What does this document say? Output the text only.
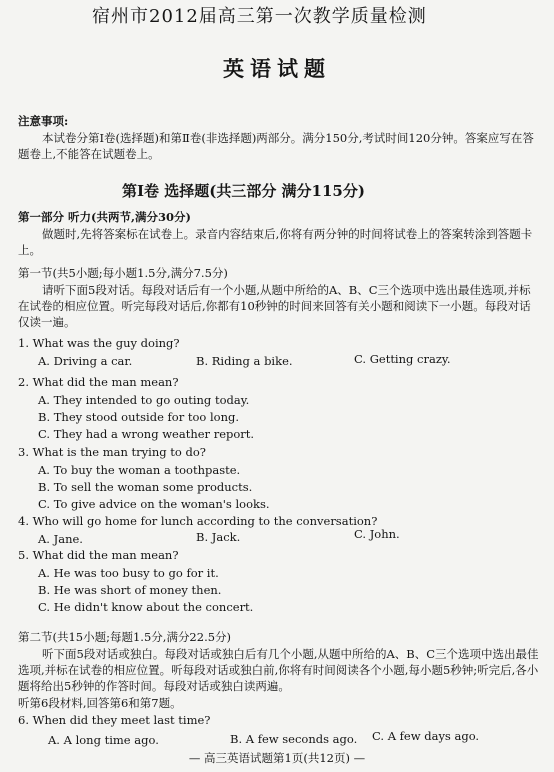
宿州市2012届高三第一次教学质量检测
英语试题
注意事项:
本试卷分第Ⅰ卷(选择题)和第Ⅱ卷(非选择题)两部分。满分150分,考试时间120分钟。答案应写在答题卷上,不能答在试题卷上。
第Ⅰ卷 选择题(共三部分 满分115分)
第一部分 听力(共两节,满分30分)
做题时,先将答案标在试卷上。录音内容结束后,你将有两分钟的时间将试卷上的答案转涂到答题卡上。
第一节(共5小题;每小题1.5分,满分7.5分)
请听下面5段对话。每段对话后有一个小题,从题中所给的A、B、C三个选项中选出最佳选项,并标在试卷的相应位置。听完每段对话后,你都有10秒钟的时间来回答有关小题和阅读下一小题。每段对话仅读一遍。
1. What was the guy doing?
A. Driving a car.	B. Riding a bike.	C. Getting crazy.
2. What did the man mean?
A. They intended to go outing today.
B. They stood outside for too long.
C. They had a wrong weather report.
3. What is the man trying to do?
A. To buy the woman a toothpaste.
B. To sell the woman some products.
C. To give advice on the woman's looks.
4. Who will go home for lunch according to the conversation?
A. Jane.	B. Jack.	C. John.
5. What did the man mean?
A. He was too busy to go for it.
B. He was short of money then.
C. He didn't know about the concert.
第二节(共15小题;每题1.5分,满分22.5分)
听下面5段对话或独白。每段对话或独白后有几个小题,从题中所给的A、B、C三个选项中选出最佳选项,并标在试卷的相应位置。听每段对话或独白前,你将有时间阅读各个小题,每小题5秒钟;听完后,各小题将给出5秒钟的作答时间。每段对话或独白读两遍。
听第6段材料,回答第6和第7题。
6. When did they meet last time?
A. A long time ago.	B. A few seconds ago. C. A few days ago.
— 高三英语试题第1页(共12页) —
